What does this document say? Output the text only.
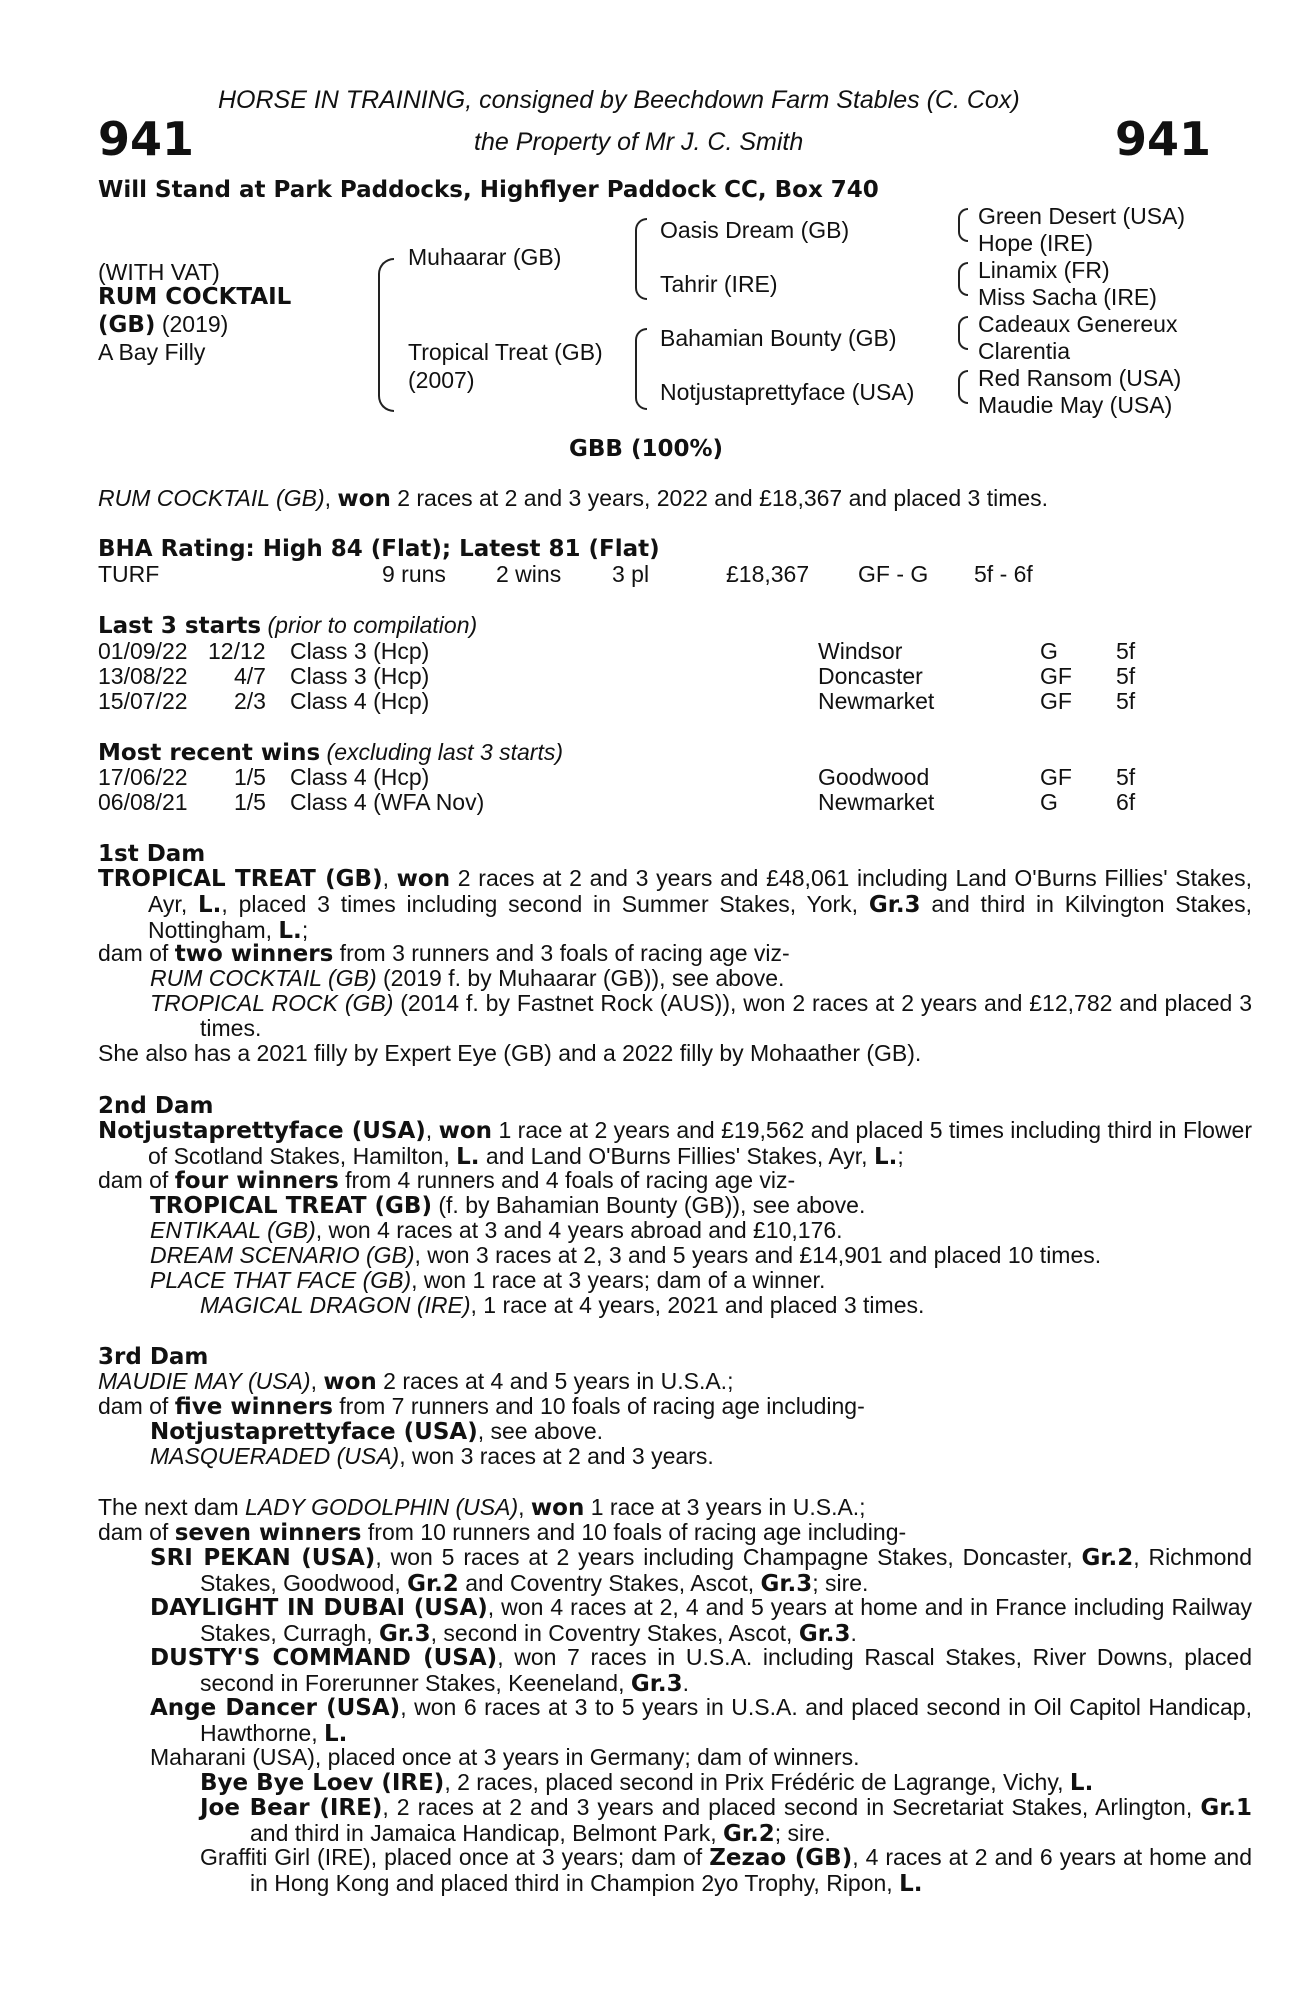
HORSE IN TRAINING, consigned by Beechdown Farm Stables (C. Cox)
941	the Property of Mr J. C. Smith	941
Will Stand at Park Paddocks, Highflyer Paddock CC, Box 740
(WITH VAT)
RUM COCKTAIL
(GB) (2019)
A Bay Filly
Muhaarar (GB)
Tropical Treat (GB)
(2007)
Oasis Dream (GB)
Tahrir (IRE)
Bahamian Bounty (GB)
Notjustaprettyface (USA)
Green Desert (USA)
Hope (IRE)
Linamix (FR)
Miss Sacha (IRE)
Cadeaux Genereux
Clarentia
Red Ransom (USA)
Maudie May (USA)
GBB (100%)
RUM COCKTAIL (GB), won 2 races at 2 and 3 years, 2022 and £18,367 and placed 3 times.
BHA Rating: High 84 (Flat); Latest 81 (Flat)
TURF	9 runs 2 wins 3 pl	£18,367 GF - G 5f - 6f
Last 3 starts (prior to compilation)
01/09/22 12/12 Class 3 (Hcp)	Windsor	G	5f
13/08/22 4/7 Class 3 (Hcp)	Doncaster	GF 5f
15/07/22 2/3 Class 4 (Hcp)	Newmarket	GF 5f
Most recent wins (excluding last 3 starts)
17/06/22 1/5 Class 4 (Hcp)	Goodwood	GF 5f
06/08/21 1/5 Class 4 (WFA Nov)	Newmarket	G	6f
1st Dam
TROPICAL TREAT (GB), won 2 races at 2 and 3 years and £48,061 including Land O'Burns Fillies' Stakes, Ayr, L., placed 3 times including second in Summer Stakes, York, Gr.3 and third in Kilvington Stakes, Nottingham, L.;
dam of two winners from 3 runners and 3 foals of racing age viz-
RUM COCKTAIL (GB) (2019 f. by Muhaarar (GB)), see above.
TROPICAL ROCK (GB) (2014 f. by Fastnet Rock (AUS)), won 2 races at 2 years and £12,782 and placed 3 times.
She also has a 2021 filly by Expert Eye (GB) and a 2022 filly by Mohaather (GB).
2nd Dam
Notjustaprettyface (USA), won 1 race at 2 years and £19,562 and placed 5 times including third in Flower of Scotland Stakes, Hamilton, L. and Land O'Burns Fillies' Stakes, Ayr, L.;
dam of four winners from 4 runners and 4 foals of racing age viz-
TROPICAL TREAT (GB) (f. by Bahamian Bounty (GB)), see above.
ENTIKAAL (GB), won 4 races at 3 and 4 years abroad and £10,176.
DREAM SCENARIO (GB), won 3 races at 2, 3 and 5 years and £14,901 and placed 10 times.
PLACE THAT FACE (GB), won 1 race at 3 years; dam of a winner.
MAGICAL DRAGON (IRE), 1 race at 4 years, 2021 and placed 3 times.
3rd Dam
MAUDIE MAY (USA), won 2 races at 4 and 5 years in U.S.A.;
dam of five winners from 7 runners and 10 foals of racing age including-
Notjustaprettyface (USA), see above.
MASQUERADED (USA), won 3 races at 2 and 3 years.
The next dam LADY GODOLPHIN (USA), won 1 race at 3 years in U.S.A.;
dam of seven winners from 10 runners and 10 foals of racing age including-
SRI PEKAN (USA), won 5 races at 2 years including Champagne Stakes, Doncaster, Gr.2, Richmond Stakes, Goodwood, Gr.2 and Coventry Stakes, Ascot, Gr.3; sire.
DAYLIGHT IN DUBAI (USA), won 4 races at 2, 4 and 5 years at home and in France including Railway Stakes, Curragh, Gr.3, second in Coventry Stakes, Ascot, Gr.3.
DUSTY'S COMMAND (USA), won 7 races in U.S.A. including Rascal Stakes, River Downs, placed second in Forerunner Stakes, Keeneland, Gr.3.
Ange Dancer (USA), won 6 races at 3 to 5 years in U.S.A. and placed second in Oil Capitol Handicap, Hawthorne, L.
Maharani (USA), placed once at 3 years in Germany; dam of winners.
Bye Bye Loev (IRE), 2 races, placed second in Prix Frédéric de Lagrange, Vichy, L.
Joe Bear (IRE), 2 races at 2 and 3 years and placed second in Secretariat Stakes, Arlington, Gr.1 and third in Jamaica Handicap, Belmont Park, Gr.2; sire.
Graffiti Girl (IRE), placed once at 3 years; dam of Zezao (GB), 4 races at 2 and 6 years at home and in Hong Kong and placed third in Champion 2yo Trophy, Ripon, L.
